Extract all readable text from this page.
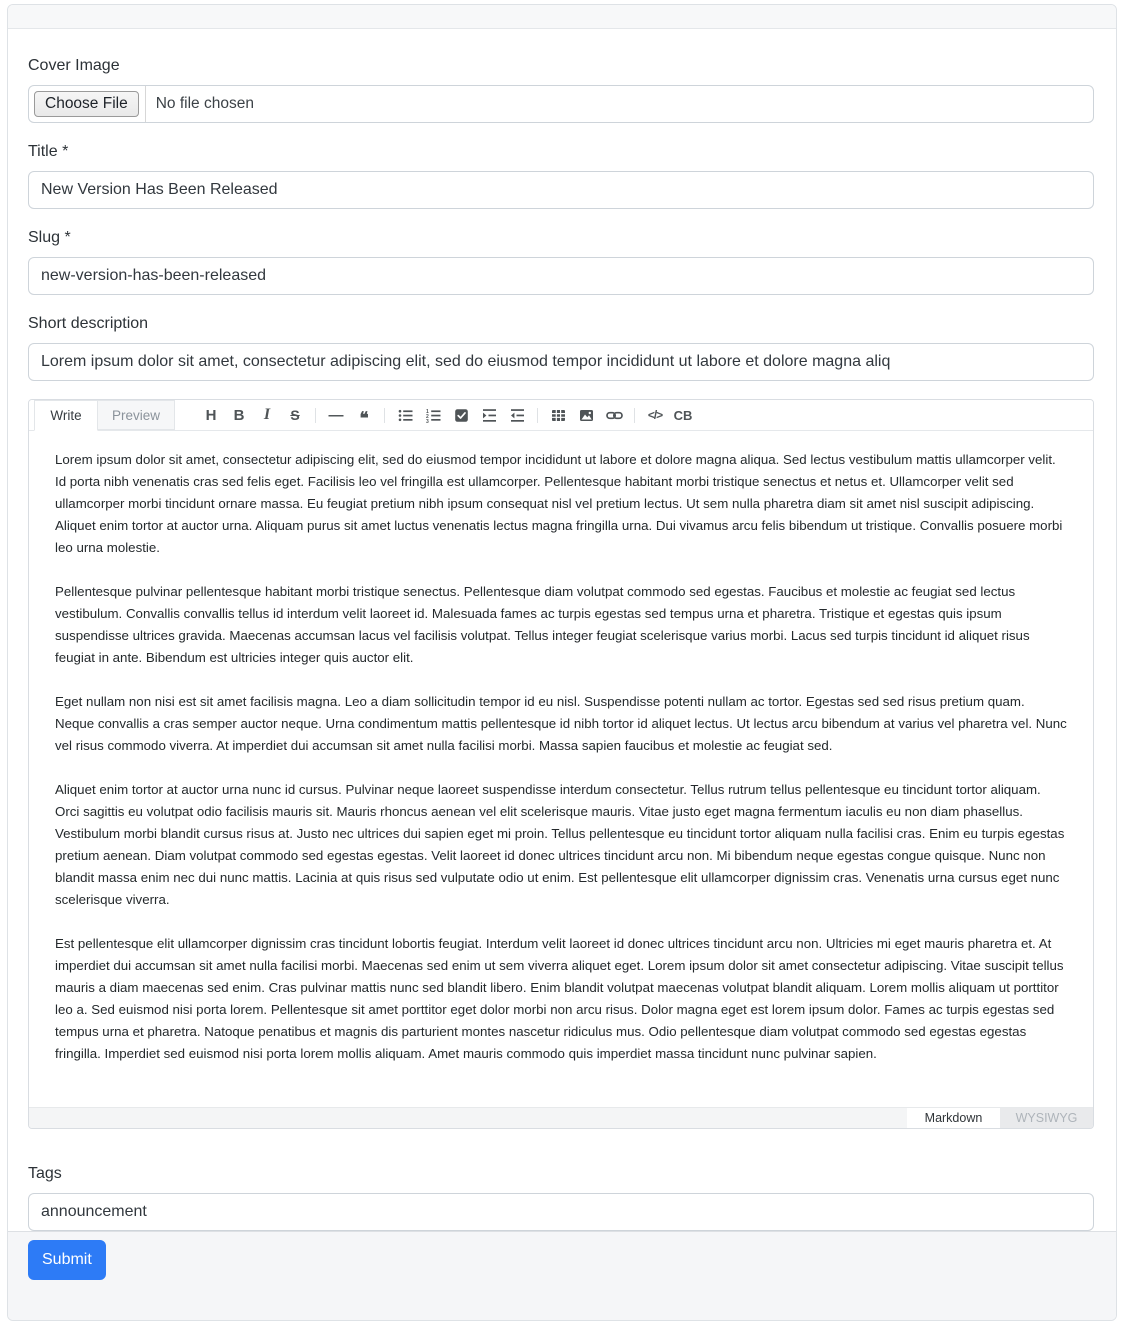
Cover Image
Choose File	No file chosen
Title *
New Version Has Been Released
Slug *
new-version-has-been-released
Short description
Lorem ipsum dolor sit amet, consectetur adipiscing elit, sed do eiusmod tempor incididunt ut labore et dolore magna aliq
Write	Preview	H	B	I	S	— ❝	1
2
3	</> CB

Lorem ipsum dolor sit amet, consectetur adipiscing elit, sed do eiusmod tempor incididunt ut labore et dolore magna aliqua. Sed lectus vestibulum mattis ullamcorper velit. Id porta nibh venenatis cras sed felis eget. Facilisis leo vel fringilla est ullamcorper. Pellentesque habitant morbi tristique senectus et netus et. Ullamcorper velit sed ullamcorper morbi tincidunt ornare massa. Eu feugiat pretium nibh ipsum consequat nisl vel pretium lectus. Ut sem nulla pharetra diam sit amet nisl suscipit adipiscing. Aliquet enim tortor at auctor urna. Aliquam purus sit amet luctus venenatis lectus magna fringilla urna. Dui vivamus arcu felis bibendum ut tristique. Convallis posuere morbi leo urna molestie.

Pellentesque pulvinar pellentesque habitant morbi tristique senectus. Pellentesque diam volutpat commodo sed egestas. Faucibus et molestie ac feugiat sed lectus vestibulum. Convallis convallis tellus id interdum velit laoreet id. Malesuada fames ac turpis egestas sed tempus urna et pharetra. Tristique et egestas quis ipsum suspendisse ultrices gravida. Maecenas accumsan lacus vel facilisis volutpat. Tellus integer feugiat scelerisque varius morbi. Lacus sed turpis tincidunt id aliquet risus feugiat in ante. Bibendum est ultricies integer quis auctor elit.

Eget nullam non nisi est sit amet facilisis magna. Leo a diam sollicitudin tempor id eu nisl. Suspendisse potenti nullam ac tortor. Egestas sed sed risus pretium quam. Neque convallis a cras semper auctor neque. Urna condimentum mattis pellentesque id nibh tortor id aliquet lectus. Ut lectus arcu bibendum at varius vel pharetra vel. Nunc vel risus commodo viverra. At imperdiet dui accumsan sit amet nulla facilisi morbi. Massa sapien faucibus et molestie ac feugiat sed.

Aliquet enim tortor at auctor urna nunc id cursus. Pulvinar neque laoreet suspendisse interdum consectetur. Tellus rutrum tellus pellentesque eu tincidunt tortor aliquam. Orci sagittis eu volutpat odio facilisis mauris sit. Mauris rhoncus aenean vel elit scelerisque mauris. Vitae justo eget magna fermentum iaculis eu non diam phasellus. Vestibulum morbi blandit cursus risus at. Justo nec ultrices dui sapien eget mi proin. Tellus pellentesque eu tincidunt tortor aliquam nulla facilisi cras. Enim eu turpis egestas pretium aenean. Diam volutpat commodo sed egestas egestas. Velit laoreet id donec ultrices tincidunt arcu non. Mi bibendum neque egestas congue quisque. Nunc non blandit massa enim nec dui nunc mattis. Lacinia at quis risus sed vulputate odio ut enim. Est pellentesque elit ullamcorper dignissim cras. Venenatis urna cursus eget nunc scelerisque viverra.

Est pellentesque elit ullamcorper dignissim cras tincidunt lobortis feugiat. Interdum velit laoreet id donec ultrices tincidunt arcu non. Ultricies mi eget mauris pharetra et. At imperdiet dui accumsan sit amet nulla facilisi morbi. Maecenas sed enim ut sem viverra aliquet eget. Lorem ipsum dolor sit amet consectetur adipiscing. Vitae suscipit tellus mauris a diam maecenas sed enim. Cras pulvinar mattis nunc sed blandit libero. Enim blandit volutpat maecenas volutpat blandit aliquam. Lorem mollis aliquam ut porttitor leo a. Sed euismod nisi porta lorem. Pellentesque sit amet porttitor eget dolor morbi non arcu risus. Dolor magna eget est lorem ipsum dolor. Fames ac turpis egestas sed tempus urna et pharetra. Natoque penatibus et magnis dis parturient montes nascetur ridiculus mus. Odio pellentesque diam volutpat commodo sed egestas egestas fringilla. Imperdiet sed euismod nisi porta lorem mollis aliquam. Amet mauris commodo quis imperdiet massa tincidunt nunc pulvinar sapien.

Markdown	WYSIWYG
Tags
announcement
Submit
